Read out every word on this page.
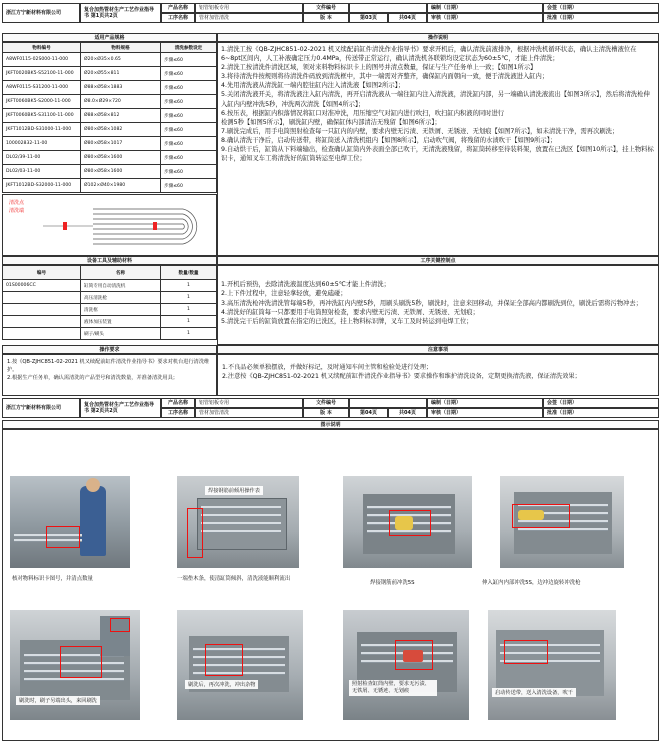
浙江方宁新材料有限公司	复合加热管材生产工艺作业指导书 第1页共2页
产品名称	铝管铝板专用	文件编号	编制（日期）	会签（日期）
工序名称	管材加管清洗	版 本	第03页	共04页	审核（日期）	批准（日期）
适用产品规格
物料编号	物料规格	清洗参数设定
A8WF0115-02S000-11-000	Ø20×Ø35×0.65	步骤≤60
JKFT0020BK5-S52100-11-000	Ø20×Ø55×811	步骤≤60
A8WF0115-S31200-11-000	Ø88×Ø58×1883	步骤≤60
JKFT0060BK5-S2000-11-000	Ø8.0×Ø29×720	步骤≤60
JKFT0060BK5-S31100-11-000	Ø88×Ø58×812	步骤≤60
JKFT1012BD-S31000-11-000	Ø80×Ø58×1082	步骤≤60
100002832-11-00	Ø80×Ø58×1017	步骤≤60
DL02/39-11-00	Ø80×Ø58×1600	步骤≤60
DL02/03-11-00	Ø80×Ø58×1600	步骤≤60
JKFT1012BD-S32000-11-000	Ø102×Ø40×1980	步骤≤60
清洗点
清洗端
操作说明

1.清洗工按《QB-ZJHC851-02-2021 机又续配前缸件清洗作业指导书》要求开机后，确认清洗前液排净，根据冲洗机循环状态，确认主清洗槽液位在6~8pt区间内，人工补液确定压力0.4MPa，传送带正常运行，确认清洗机各联锁均设定状态为60±5℃，才能上件清洗；

2.清洗工按清洗件清洗区域，领对来料物料标识卡上的图号并清点数量，保证与生产任务单上一致；【如图1所示】

3.将待清洗件按规则将待清洗件码放到清洗框中，其中一端需对齐整齐，确保缸内面朝向一致，便于清洗液进入缸内；

4.先用清洗液从清洗缸一端内腔往缸内注入清洗液【如图2所示】；

5.关闭清洗液开关，将清洗液注入缸内清洗，再开启清洗液从一端往缸内注入清洗液，清洗缸内部，另一端确认清洗液流出【如图3所示】，然后将清洗枪伸入缸内内壁冲洗5秒，冲洗两次清洗【如图4所示】；

6.按压表，根据缸内积落情况将缸口对准冲洗，用压缩空气对缸内进行吹扫，吹扫缸内积液的同时进行

检测5秒【如图5所示】，刷洗缸内壁，确保缸体内部清洁无残留【如图6所示】；

7.刷洗完成后，用手电筒照射检查每一只缸内的内壁，要求内壁无污渍、无铁屑、无锈迹、无划痕【如图7所示】，如未清洗干净，需再次刷洗；

8.确认清洗干净后，启动传送带，将缸筒送入清洗机组内【如图8所示】，启动吹气阀，将残留的水渍吹干【如图9所示】；

9.自动烘干后，缸筒从下料端输出，检查确认缸筒内外表面全部已吹干，无清洗液残留，将缸筒转移至待装料架，放置在已洗区【如图10所示】，挂上物料标识卡，通知叉车工将清洗好的缸筒转运至电焊工位；

设备工具及辅助材料
编号	名称	数量/数量
01S00006CC	缸筒专用自动清洗机	1
	高压清洗枪	1
	清洗框	1
	液体加压装置	1
	刷子/刷头	1
工序关键控制点

1.开机后预热，去除清洗液温度达到60±5℃才能上件清洗；

2.上下件过程中，注意轻拿轻放，避免磕碰；

3.高压清洗枪冲洗清洗管每端5秒，再冲洗缸内内壁5秒，用刷头刷洗5秒，刷洗时，注意来回移动，并保证全部高内都刷洗到位，刷洗后需将污物冲去；

4.清洗好的缸筒每一只都要用手电筒照射检查，要求内壁无污渍、无铁屑、无锈迹、无划痕；

5.清洗完干后的缸筒放置在指定的已洗区，挂上物料标识牌，叉车工及时转运到电焊工位；

操作要求
1.按《QB-ZJHC851-02-2021 机又续配前缸件清洗作业指导书》要求对机台进行清洗维护。
2.根据生产任务单，确认需清洗的产品型号和清洗数量，并准备清洗用具；
注意事项
1.不良品必须单独摆放，并做好标记，及时通知车间主管和检验处进行处理；
2.注意按《QB-ZJHC851-02-2021 机又续配前缸件清洗作业指导书》要求操作和维护清洗设备，定期更换清洗液，保证清洗效果；
浙江方宁新材料有限公司	复合加热管材生产工艺作业指导书 第2页共2页
产品名称	铝管铝板专用	文件编号	编制（日期）	会签（日期）
工序名称	管材加管清洗	版 本	第04页	共04页	审核（日期）	批准（日期）
图示说明
核对物料标识卡图号，并清点数量
焊接钢筋前倾用操作表
一端垫木条，使清缸筒倾斜，清洗液能顺利流出
焊接钢筋前冲洗5S	伸入缸内内部冲洗5S，边冲边旋转冲洗枪
刷洗时，刷子另端出头，来回刷洗
刷洗后，再次冲洗，冲出杂物	照射检查缸筒内壁，要求无污渍、无铁屑、无锈迹、无划痕	启动传送带，送入清洗设备，吹干
